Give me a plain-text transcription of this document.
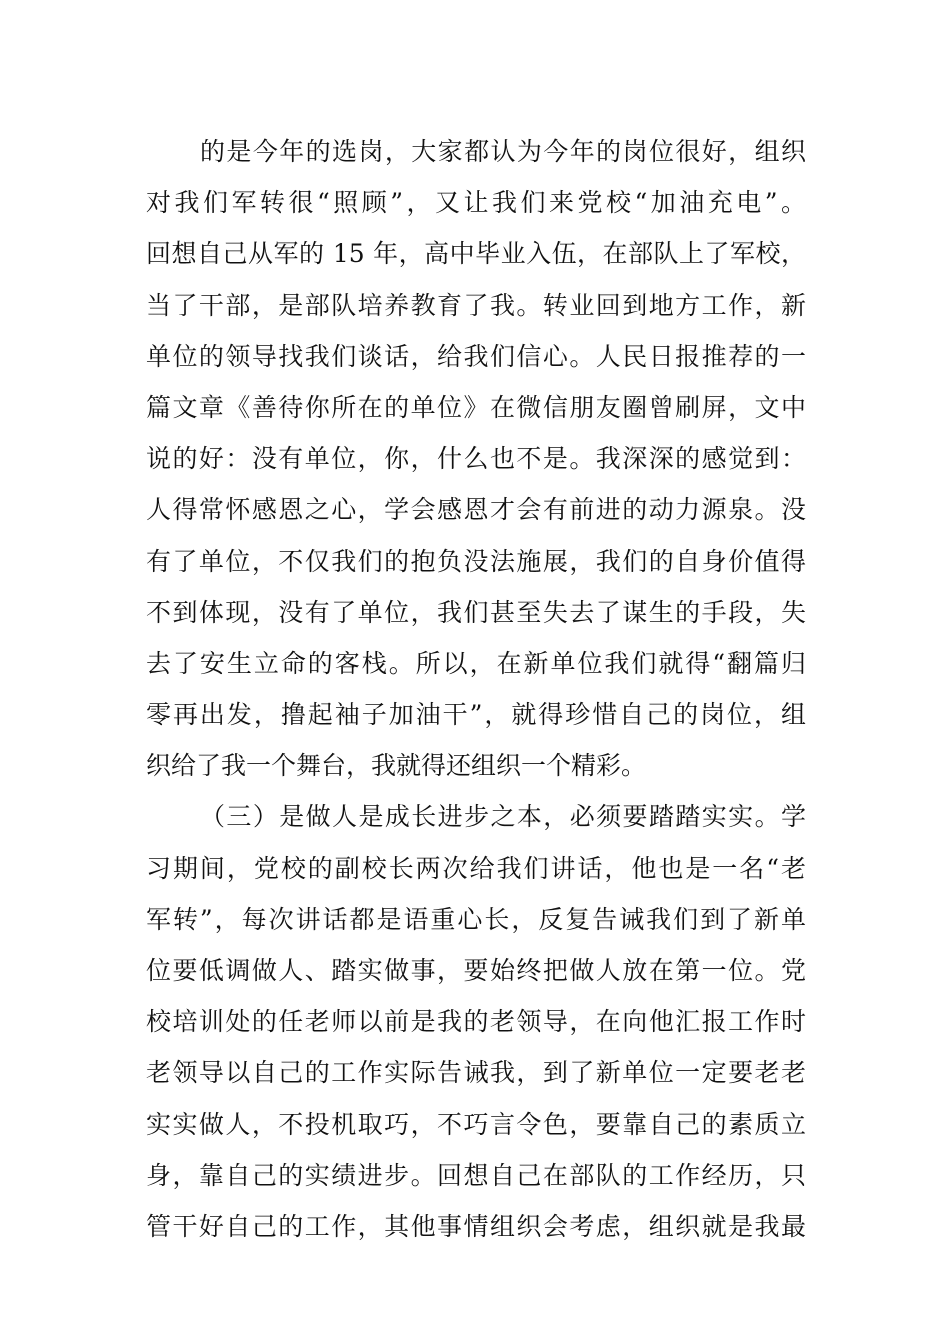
的是今年的选岗，大家都认为今年的岗位很好，组织
对我们军转很“照顾”，又让我们来党校“加油充电”。
回想自己从军的 15 年，高中毕业入伍，在部队上了军校，
当了干部，是部队培养教育了我。转业回到地方工作，新
单位的领导找我们谈话，给我们信心。人民日报推荐的一
篇文章《善待你所在的单位》在微信朋友圈曾刷屏，文中
说的好：没有单位，你，什么也不是。我深深的感觉到：
人得常怀感恩之心，学会感恩才会有前进的动力源泉。没
有了单位，不仅我们的抱负没法施展，我们的自身价值得
不到体现，没有了单位，我们甚至失去了谋生的手段，失
去了安生立命的客栈。所以，在新单位我们就得“翻篇归
零再出发，撸起袖子加油干”，就得珍惜自己的岗位，组
织给了我一个舞台，我就得还组织一个精彩。
（三）是做人是成长进步之本，必须要踏踏实实。学
习期间，党校的副校长两次给我们讲话，他也是一名“老
军转”，每次讲话都是语重心长，反复告诫我们到了新单
位要低调做人、踏实做事，要始终把做人放在第一位。党
校培训处的任老师以前是我的老领导，在向他汇报工作时
老领导以自己的工作实际告诫我，到了新单位一定要老老
实实做人，不投机取巧，不巧言令色，要靠自己的素质立
身，靠自己的实绩进步。回想自己在部队的工作经历，只
管干好自己的工作，其他事情组织会考虑，组织就是我最
